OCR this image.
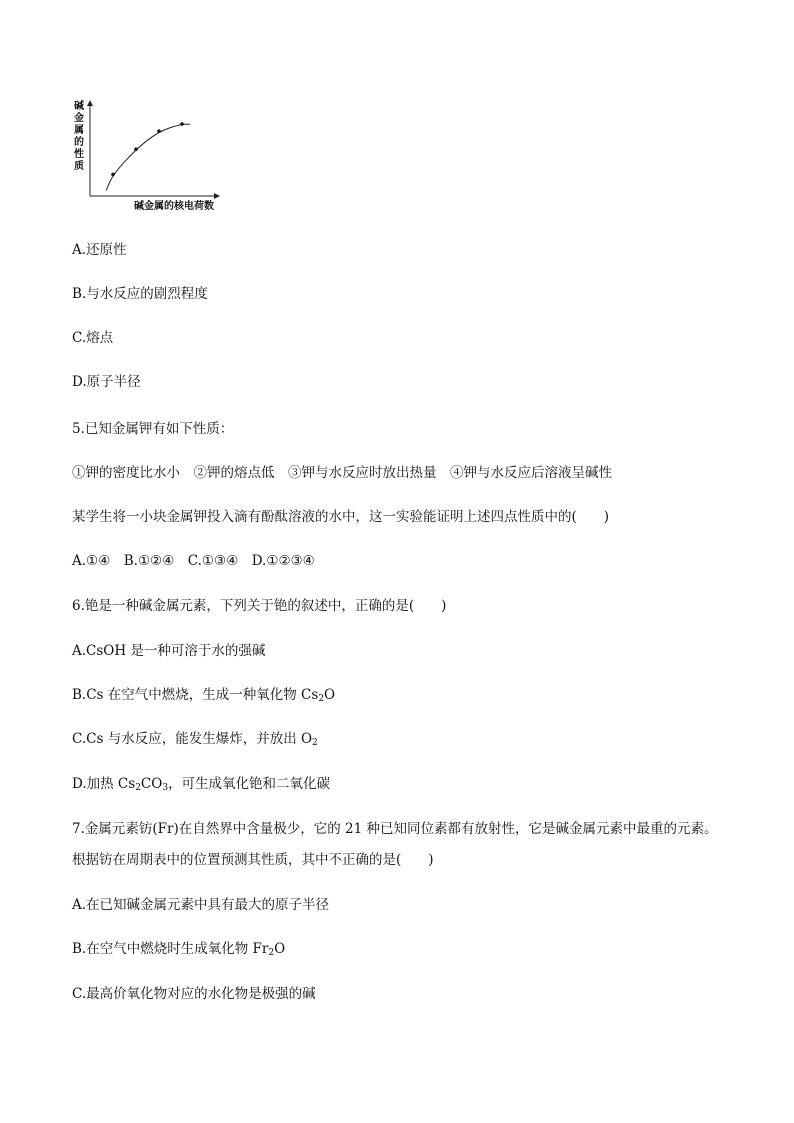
碱金属的性质
碱金属的核电荷数
A.还原性
B.与水反应的剧烈程度
C.熔点
D.原子半径
5.已知金属钾有如下性质：
①钾的密度比水小　②钾的熔点低　③钾与水反应时放出热量　④钾与水反应后溶液呈碱性
某学生将一小块金属钾投入滴有酚酞溶液的水中，这一实验能证明上述四点性质中的(　　)
A.①④　B.①②④　C.①③④　D.①②③④
6.铯是一种碱金属元素，下列关于铯的叙述中，正确的是(　　)
A.CsOH 是一种可溶于水的强碱
B.Cs 在空气中燃烧，生成一种氧化物 $Cs_2O$
C.Cs 与水反应，能发生爆炸，并放出 $O_2$
D.加热 $Cs_2CO_3$，可生成氧化铯和二氧化碳
7.金属元素钫(Fr)在自然界中含量极少，它的 21 种已知同位素都有放射性，它是碱金属元素中最重的元素。
根据钫在周期表中的位置预测其性质，其中不正确的是(　　)
A.在已知碱金属元素中具有最大的原子半径
B.在空气中燃烧时生成氧化物 $Fr_2O$
C.最高价氧化物对应的水化物是极强的碱
